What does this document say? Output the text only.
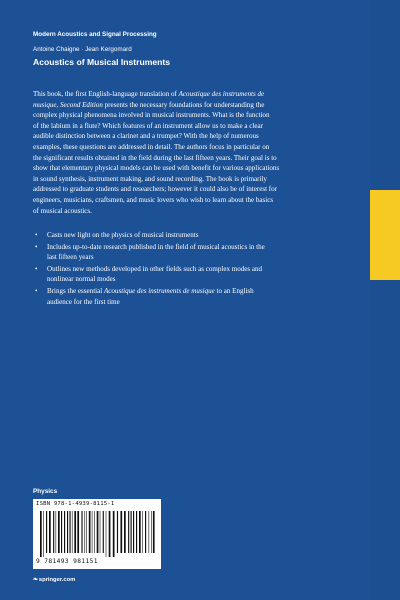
Modern Acoustics and Signal Processing
Antoine Chaigne · Jean Kergomard
Acoustics of Musical Instruments
This book, the first English-language translation of Acoustique des instruments de
musique, Second Edition presents the necessary foundations for understanding the
complex physical phenomena involved in musical instruments. What is the function
of the labium in a flute? Which features of an instrument allow us to make a clear
audible distinction between a clarinet and a trumpet? With the help of numerous
examples, these questions are addressed in detail. The authors focus in particular on
the significant results obtained in the field during the last fifteen years. Their goal is to
show that elementary physical models can be used with benefit for various applications
in sound synthesis, instrument making, and sound recording. The book is primarily
addressed to graduate students and researchers; however it could also be of interest for
engineers, musicians, craftsmen, and music lovers who wish to learn about the basics
of musical acoustics.
• Casts new light on the physics of musical instruments
• Includes up-to-date research published in the field of musical acoustics in the
last fifteen years
• Outlines new methods developed in other fields such as complex modes and
nonlinear normal modes
• Brings the essential Acoustique des instruments de musique to an English
audience for the first time
Physics
ISBN 978-1-4939-8115-1
9 781493 981151
❧springer.com
